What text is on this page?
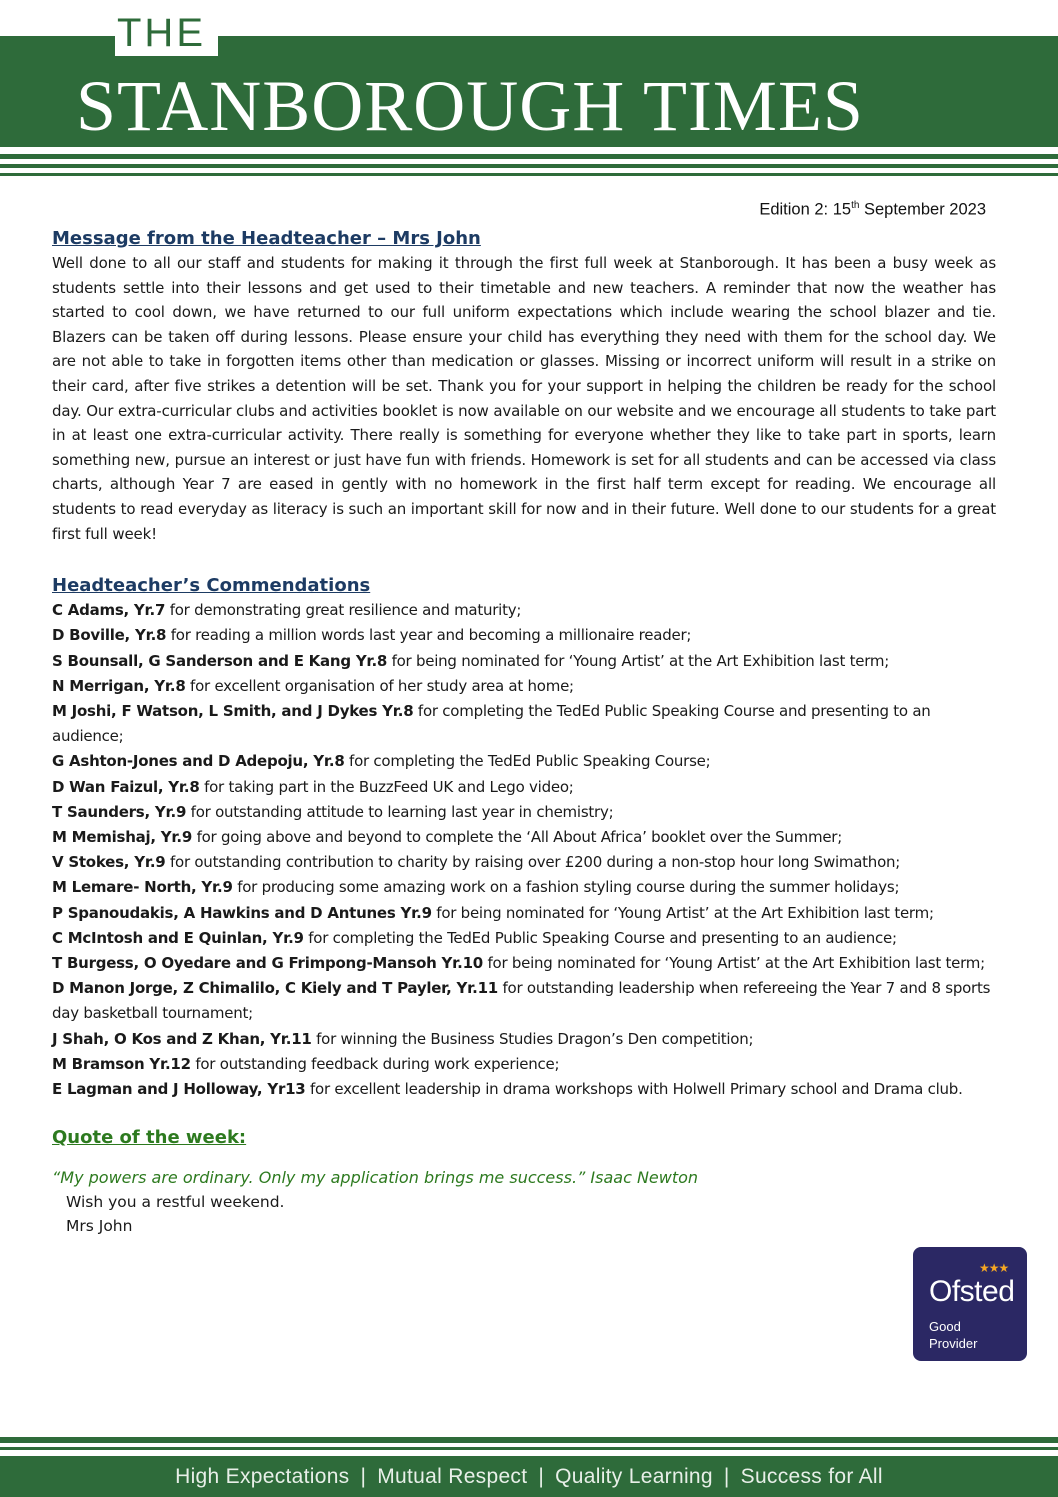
THE
STANBOROUGH TIMES
Edition 2: 15th September 2023
Message from the Headteacher – Mrs John

Well done to all our staff and students for making it through the first full week at Stanborough. It has been a busy week as students settle into their lessons and get used to their timetable and new teachers. A reminder that now the weather has started to cool down, we have returned to our full uniform expectations which include wearing the school blazer and tie. Blazers can be taken off during lessons. Please ensure your child has everything they need with them for the school day. We are not able to take in forgotten items other than medication or glasses. Missing or incorrect uniform will result in a strike on their card, after five strikes a detention will be set. Thank you for your support in helping the children be ready for the school day. Our extra-curricular clubs and activities booklet is now available on our website and we encourage all students to take part in at least one extra-curricular activity. There really is something for everyone whether they like to take part in sports, learn something new, pursue an interest or just have fun with friends. Homework is set for all students and can be accessed via class charts, although Year 7 are eased in gently with no homework in the first half term except for reading. We encourage all students to read everyday as literacy is such an important skill for now and in their future. Well done to our students for a great first full week!

Headteacher’s Commendations
C Adams, Yr.7 for demonstrating great resilience and maturity;
D Boville, Yr.8 for reading a million words last year and becoming a millionaire reader;
S Bounsall, G Sanderson and E Kang Yr.8 for being nominated for ‘Young Artist’ at the Art Exhibition last term;
N Merrigan, Yr.8 for excellent organisation of her study area at home;
M Joshi, F Watson, L Smith, and J Dykes Yr.8 for completing the TedEd Public Speaking Course and presenting to an audience;
G Ashton-Jones and D Adepoju, Yr.8 for completing the TedEd Public Speaking Course;
D Wan Faizul, Yr.8 for taking part in the BuzzFeed UK and Lego video;
T Saunders, Yr.9 for outstanding attitude to learning last year in chemistry;
M Memishaj, Yr.9 for going above and beyond to complete the ‘All About Africa’ booklet over the Summer;
V Stokes, Yr.9 for outstanding contribution to charity by raising over £200 during a non-stop hour long Swimathon;
M Lemare- North, Yr.9 for producing some amazing work on a fashion styling course during the summer holidays;
P Spanoudakis, A Hawkins and D Antunes Yr.9 for being nominated for ‘Young Artist’ at the Art Exhibition last term;
C McIntosh and E Quinlan, Yr.9 for completing the TedEd Public Speaking Course and presenting to an audience;
T Burgess, O Oyedare and G Frimpong-Mansoh Yr.10 for being nominated for ‘Young Artist’ at the Art Exhibition last term;
D Manon Jorge, Z Chimalilo, C Kiely and T Payler, Yr.11 for outstanding leadership when refereeing the Year 7 and 8 sports day basketball tournament;
J Shah, O Kos and Z Khan, Yr.11 for winning the Business Studies Dragon’s Den competition;
M Bramson Yr.12 for outstanding feedback during work experience;
E Lagman and J Holloway, Yr13 for excellent leadership in drama workshops with Holwell Primary school and Drama club.
Quote of the week:

“My powers are ordinary. Only my application brings me success.” Isaac Newton

Wish you a restful weekend.

Mrs John

★★★
Ofsted
Good
Provider
High Expectations | Mutual Respect | Quality Learning | Success for All
